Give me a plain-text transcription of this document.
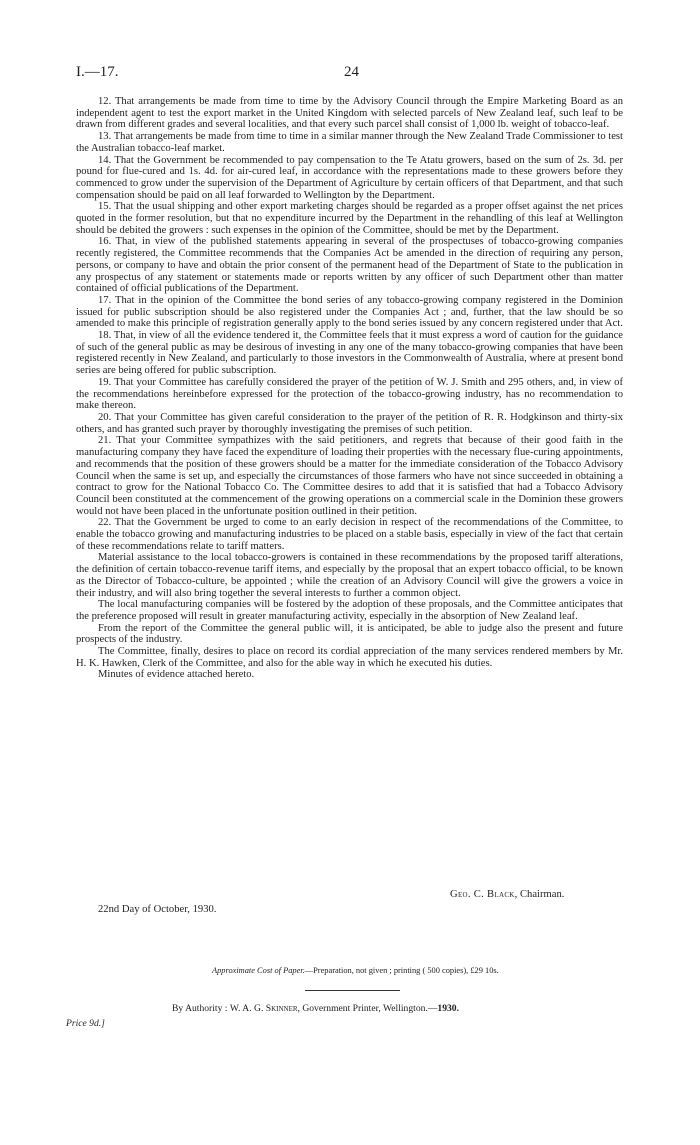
I.—17.	24

12. That arrangements be made from time to time by the Advisory Council through the Empire Marketing Board as an independent agent to test the export market in the United Kingdom with selected parcels of New Zealand leaf, such leaf to be drawn from different grades and several localities, and that every such parcel shall consist of 1,000 lb. weight of tobacco-leaf.

13. That arrangements be made from time to time in a similar manner through the New Zealand Trade Commissioner to test the Australian tobacco-leaf market.

14. That the Government be recommended to pay compensation to the Te Atatu growers, based on the sum of 2s. 3d. per pound for flue-cured and 1s. 4d. for air-cured leaf, in accordance with the representations made to these growers before they commenced to grow under the supervision of the Department of Agriculture by certain officers of that Department, and that such compensation should be paid on all leaf forwarded to Wellington by the Department.

15. That the usual shipping and other export marketing charges should be regarded as a proper offset against the net prices quoted in the former resolution, but that no expenditure incurred by the Department in the rehandling of this leaf at Wellington should be debited the growers : such expenses in the opinion of the Committee, should be met by the Department.

16. That, in view of the published statements appearing in several of the prospectuses of tobacco-growing companies recently registered, the Committee recommends that the Companies Act be amended in the direction of requiring any person, persons, or company to have and obtain the prior consent of the permanent head of the Department of State to the publication in any prospectus of any statement or statements made or reports written by any officer of such Department other than matter contained of official publications of the Department.

17. That in the opinion of the Committee the bond series of any tobacco-growing company registered in the Dominion issued for public subscription should be also registered under the Companies Act ; and, further, that the law should be so amended to make this principle of registration generally apply to the bond series issued by any concern registered under that Act.

18. That, in view of all the evidence tendered it, the Committee feels that it must express a word of caution for the guidance of such of the general public as may be desirous of investing in any one of the many tobacco-growing companies that have been registered recently in New Zealand, and particularly to those investors in the Commonwealth of Australia, where at present bond series are being offered for public subscription.

19. That your Committee has carefully considered the prayer of the petition of W. J. Smith and 295 others, and, in view of the recommendations hereinbefore expressed for the protection of the tobacco-growing industry, has no recommendation to make thereon.

20. That your Committee has given careful consideration to the prayer of the petition of R. R. Hodgkinson and thirty-six others, and has granted such prayer by thoroughly investigating the premises of such petition.

21. That your Committee sympathizes with the said petitioners, and regrets that because of their good faith in the manufacturing company they have faced the expenditure of loading their properties with the necessary flue-curing appointments, and recommends that the position of these growers should be a matter for the immediate consideration of the Tobacco Advisory Council when the same is set up, and especially the circumstances of those farmers who have not since succeeded in obtaining a contract to grow for the National Tobacco Co. The Committee desires to add that it is satisfied that had a Tobacco Advisory Council been constituted at the commencement of the growing operations on a commercial scale in the Dominion these growers would not have been placed in the unfortunate position outlined in their petition.

22. That the Government be urged to come to an early decision in respect of the recommendations of the Committee, to enable the tobacco growing and manufacturing industries to be placed on a stable basis, especially in view of the fact that certain of these recommendations relate to tariff matters.

Material assistance to the local tobacco-growers is contained in these recommendations by the proposed tariff alterations, the definition of certain tobacco-revenue tariff items, and especially by the proposal that an expert tobacco official, to be known as the Director of Tobacco-culture, be appointed ; while the creation of an Advisory Council will give the growers a voice in their industry, and will also bring together the several interests to further a common object.

The local manufacturing companies will be fostered by the adoption of these proposals, and the Committee anticipates that the preference proposed will result in greater manufacturing activity, especially in the absorption of New Zealand leaf.

From the report of the Committee the general public will, it is anticipated, be able to judge also the present and future prospects of the industry.

The Committee, finally, desires to place on record its cordial appreciation of the many services rendered members by Mr. H. K. Hawken, Clerk of the Committee, and also for the able way in which he executed his duties.

Minutes of evidence attached hereto.

Geo. C. Black, Chairman.
22nd Day of October, 1930.
Approximate Cost of Paper.—Preparation, not given ; printing ( 500 copies), £29 10s.
By Authority : W. A. G. Skinner, Government Printer, Wellington.—1930.
Price 9d.]
